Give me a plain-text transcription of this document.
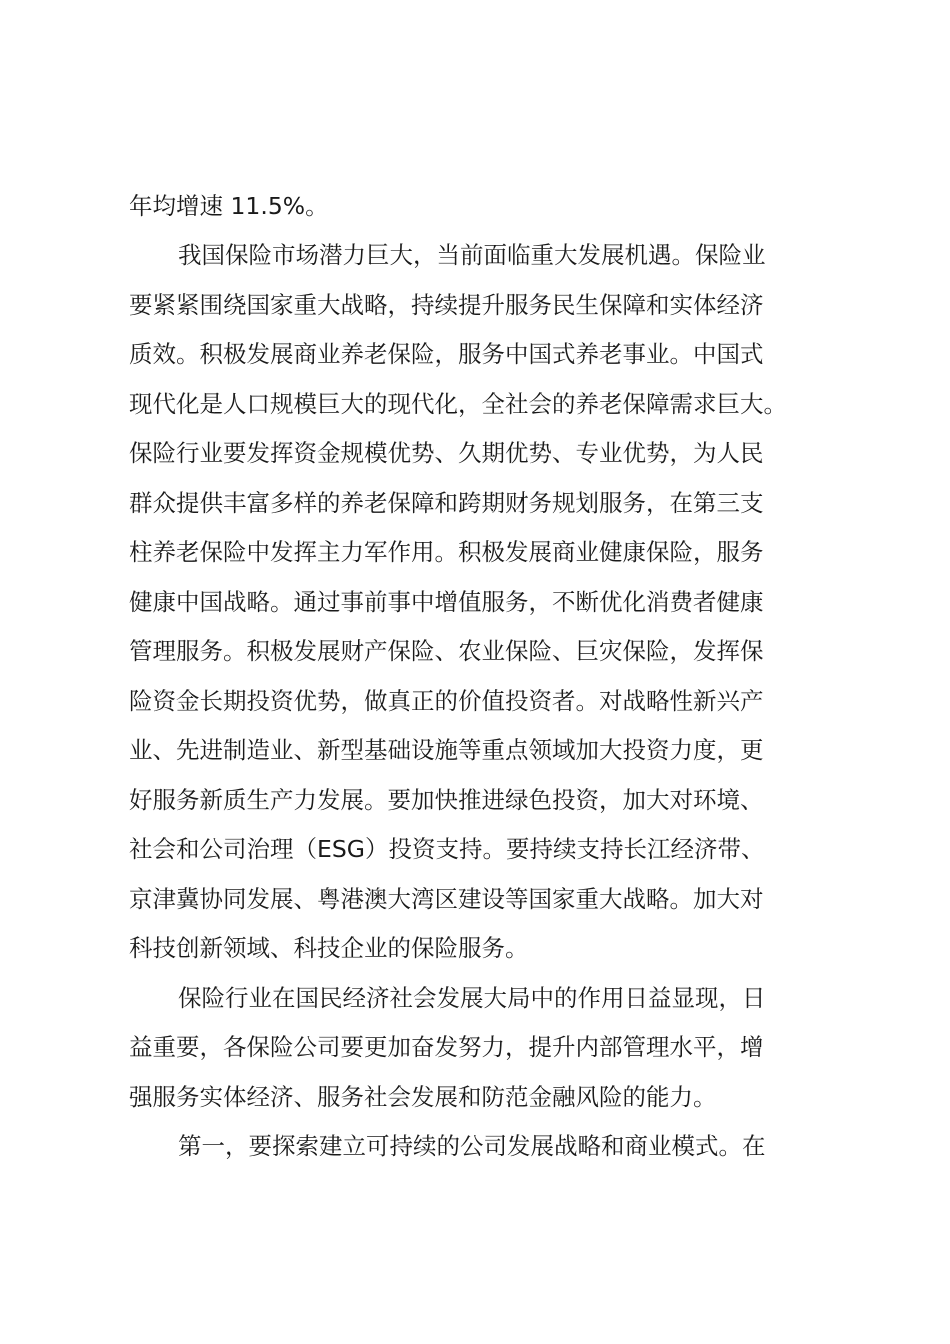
年均增速 11.5%。
我国保险市场潜力巨大，当前面临重大发展机遇。保险业
要紧紧围绕国家重大战略，持续提升服务民生保障和实体经济
质效。积极发展商业养老保险，服务中国式养老事业。中国式
现代化是人口规模巨大的现代化，全社会的养老保障需求巨大。
保险行业要发挥资金规模优势、久期优势、专业优势，为人民
群众提供丰富多样的养老保障和跨期财务规划服务，在第三支
柱养老保险中发挥主力军作用。积极发展商业健康保险，服务
健康中国战略。通过事前事中增值服务，不断优化消费者健康
管理服务。积极发展财产保险、农业保险、巨灾保险，发挥保
险资金长期投资优势，做真正的价值投资者。对战略性新兴产
业、先进制造业、新型基础设施等重点领域加大投资力度，更
好服务新质生产力发展。要加快推进绿色投资，加大对环境、
社会和公司治理（ESG）投资支持。要持续支持长江经济带、
京津冀协同发展、粤港澳大湾区建设等国家重大战略。加大对
科技创新领域、科技企业的保险服务。
保险行业在国民经济社会发展大局中的作用日益显现，日
益重要，各保险公司要更加奋发努力，提升内部管理水平，增
强服务实体经济、服务社会发展和防范金融风险的能力。
第一，要探索建立可持续的公司发展战略和商业模式。在
